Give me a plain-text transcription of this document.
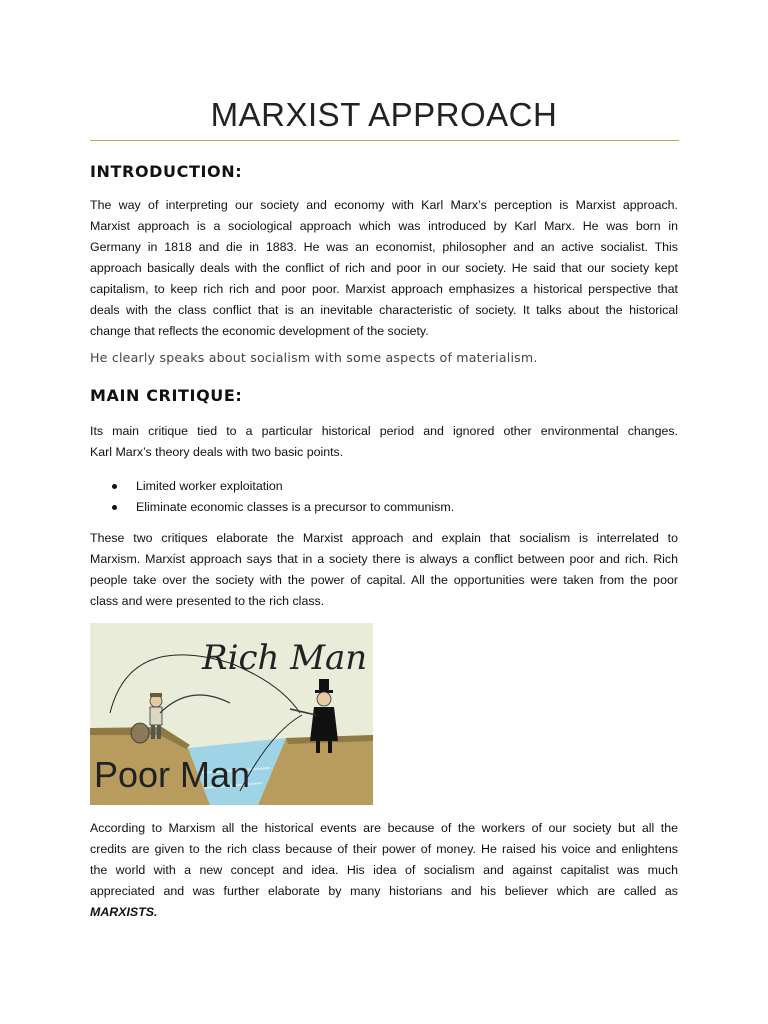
MARXIST APPROACH
INTRODUCTION:

The way of interpreting our society and economy with Karl Marx’s perception is Marxist approach.
Marxist approach is a sociological approach which was introduced by Karl Marx. He was born in
Germany in 1818 and die in 1883. He was an economist, philosopher and an active socialist. This
approach basically deals with the conflict of rich and poor in our society. He said that our society kept
capitalism, to keep rich rich and poor poor. Marxist approach emphasizes a historical perspective that
deals with the class conflict that is an inevitable characteristic of society. It talks about the historical
change that reflects the economic development of the society.

He clearly speaks about socialism with some aspects of materialism.

MAIN CRITIQUE:

Its main critique tied to a particular historical period and ignored other environmental changes.
Karl Marx’s theory deals with two basic points.

Limited worker exploitation
Eliminate economic classes is a precursor to communism.

These two critiques elaborate the Marxist approach and explain that socialism is interrelated to
Marxism. Marxist approach says that in a society there is always a conflict between poor and rich. Rich
people take over the society with the power of capital. All the opportunities were taken from the poor
class and were presented to the rich class.

Rich Man
Poor Man

According to Marxism all the historical events are because of the workers of our society but all the
credits are given to the rich class because of their power of money. He raised his voice and enlightens
the world with a new concept and idea. His idea of socialism and against capitalist was much
appreciated and was further elaborate by many historians and his believer which are called as
MARXISTS.
